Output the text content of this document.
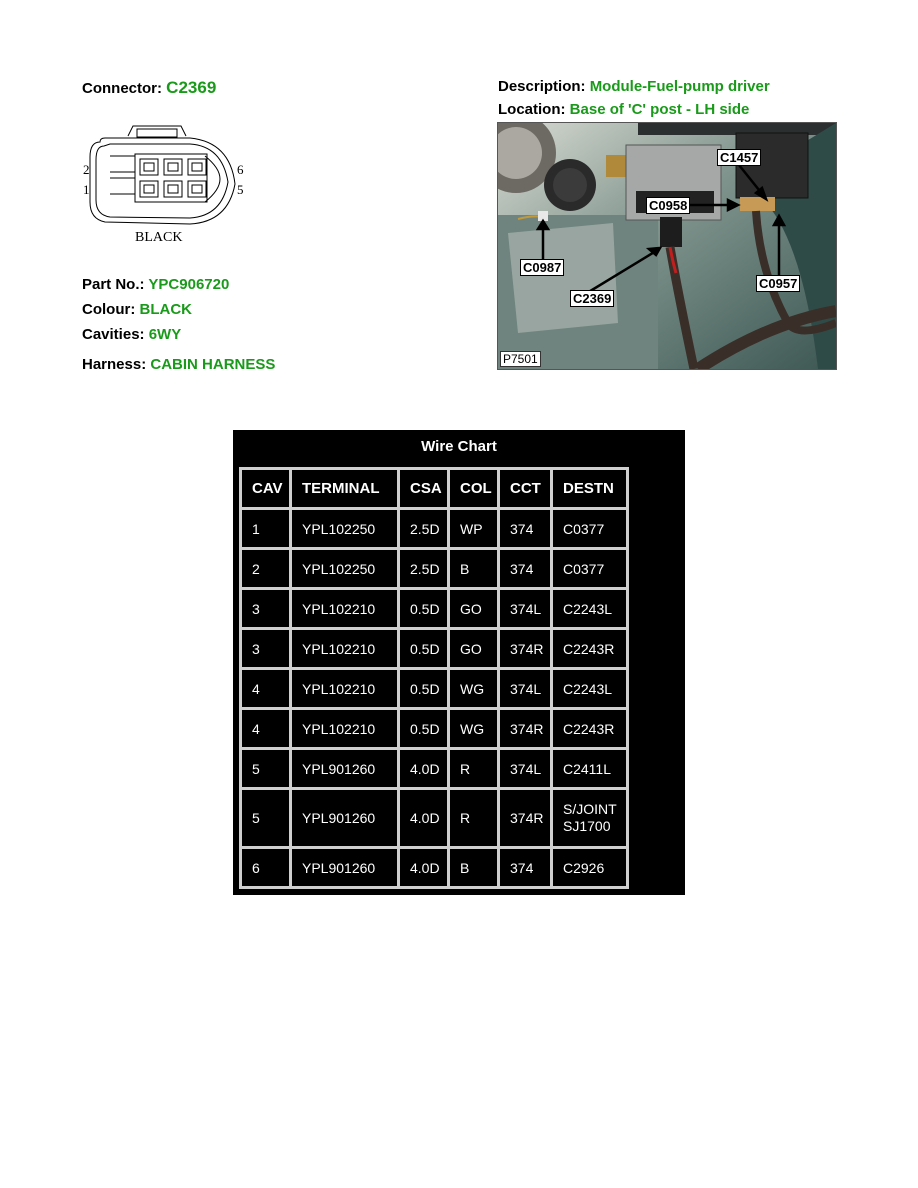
Connector: C2369
2
1
6
5
BLACK
Part No.: YPC906720
Colour: BLACK
Cavities: 6WY
Harness: CABIN HARNESS
Description: Module-Fuel-pump driver
Location: Base of 'C' post - LH side
C1457
C0958
C0987
C2369
C0957
P7501
Wire Chart
CAV	TERMINAL	CSA	COL	CCT	DESTN
1	YPL102250	2.5D	WP	374	C0377
2	YPL102250	2.5D	B	374	C0377
3	YPL102210	0.5D	GO	374L	C2243L
3	YPL102210	0.5D	GO	374R	C2243R
4	YPL102210	0.5D	WG	374L	C2243L
4	YPL102210	0.5D	WG	374R	C2243R
5	YPL901260	4.0D	R	374L	C2411L
5	YPL901260	4.0D	R	374R	S/JOINT SJ1700
6	YPL901260	4.0D	B	374	C2926
